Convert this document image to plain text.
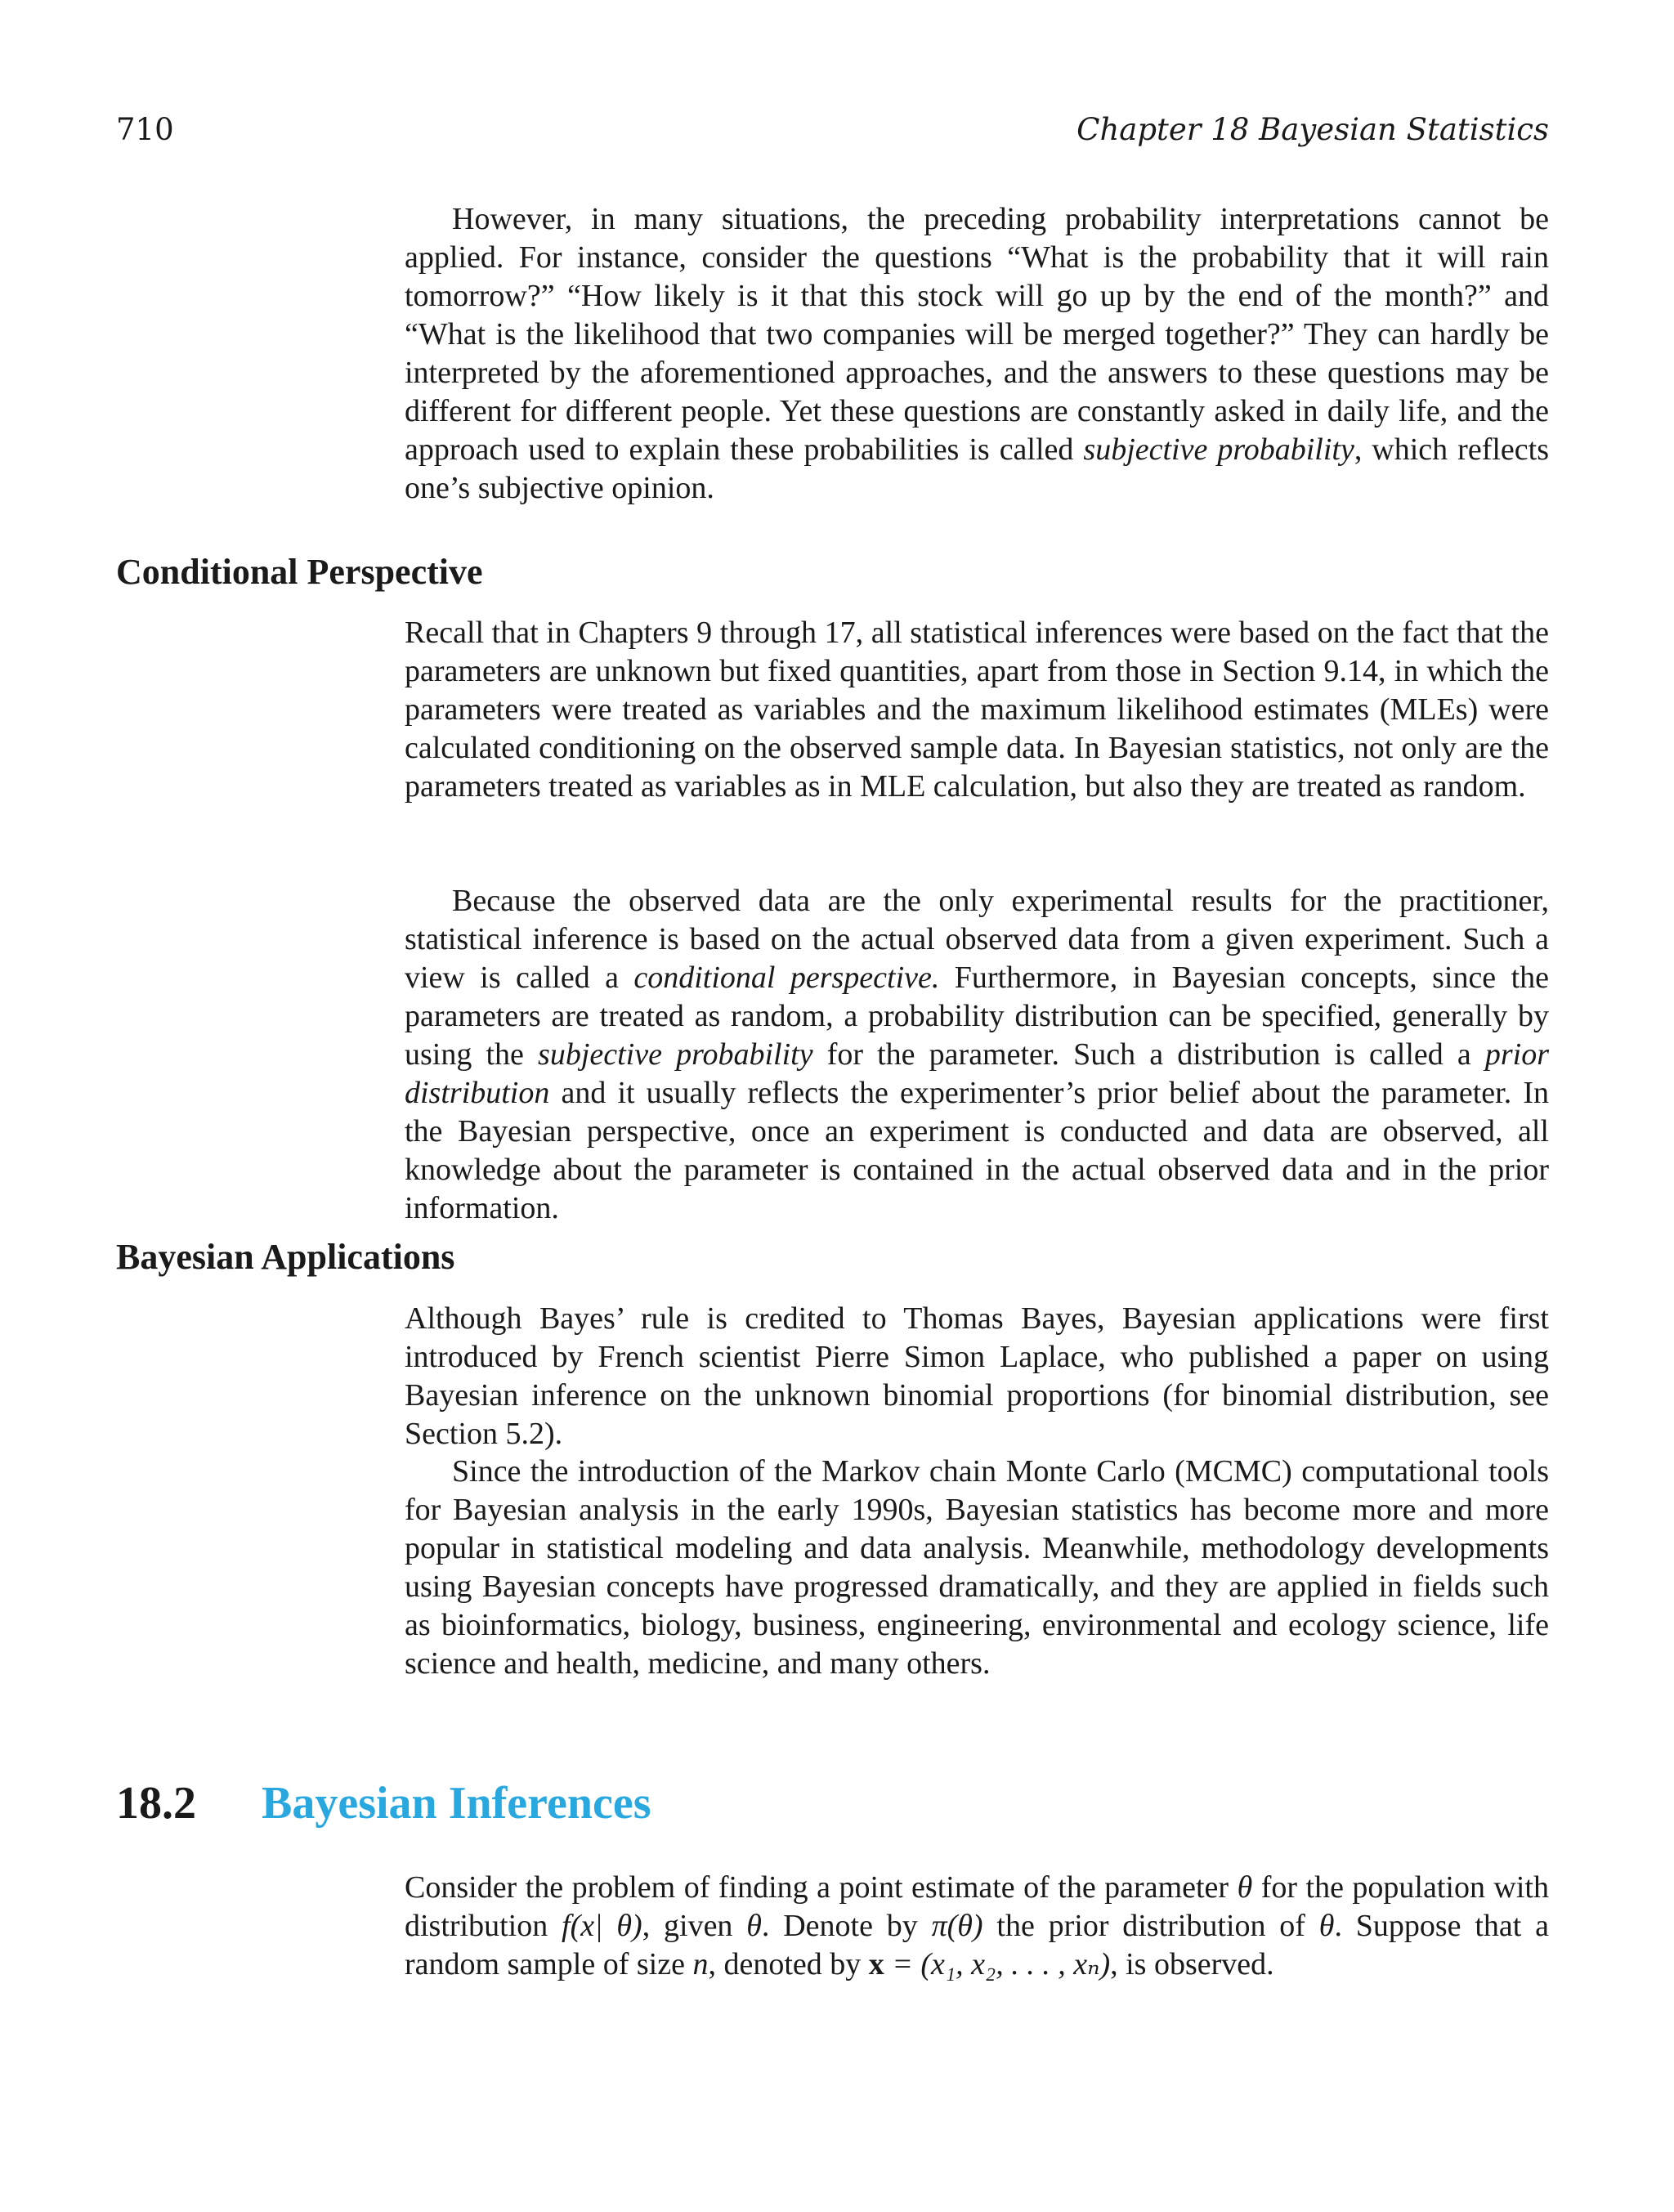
710	Chapter 18 Bayesian Statistics

However, in many situations, the preceding probability interpretations cannot be applied. For instance, consider the questions “What is the probability that it will rain tomorrow?” “How likely is it that this stock will go up by the end of the month?” and “What is the likelihood that two companies will be merged together?” They can hardly be interpreted by the aforementioned approaches, and the answers to these questions may be different for different people. Yet these questions are constantly asked in daily life, and the approach used to explain these probabilities is called subjective probability, which reflects one’s subjective opinion.

Conditional Perspective

Recall that in Chapters 9 through 17, all statistical inferences were based on the fact that the parameters are unknown but fixed quantities, apart from those in Section 9.14, in which the parameters were treated as variables and the maximum likelihood estimates (MLEs) were calculated conditioning on the observed sample data. In Bayesian statistics, not only are the parameters treated as variables as in MLE calculation, but also they are treated as random.

Because the observed data are the only experimental results for the practitioner, statistical inference is based on the actual observed data from a given experiment. Such a view is called a conditional perspective. Furthermore, in Bayesian concepts, since the parameters are treated as random, a probability distribution can be specified, generally by using the subjective probability for the parameter. Such a distribution is called a prior distribution and it usually reflects the experimenter’s prior belief about the parameter. In the Bayesian perspective, once an experiment is conducted and data are observed, all knowledge about the parameter is contained in the actual observed data and in the prior information.

Bayesian Applications

Although Bayes’ rule is credited to Thomas Bayes, Bayesian applications were first introduced by French scientist Pierre Simon Laplace, who published a paper on using Bayesian inference on the unknown binomial proportions (for binomial distribution, see Section 5.2).

Since the introduction of the Markov chain Monte Carlo (MCMC) computational tools for Bayesian analysis in the early 1990s, Bayesian statistics has become more and more popular in statistical modeling and data analysis. Meanwhile, methodology developments using Bayesian concepts have progressed dramatically, and they are applied in fields such as bioinformatics, biology, business, engineering, environmental and ecology science, life science and health, medicine, and many others.

18.2 Bayesian Inferences

Consider the problem of finding a point estimate of the parameter θ for the population with distribution f(x| θ), given θ. Denote by π(θ) the prior distribution of θ. Suppose that a random sample of size n, denoted by x = (x₁, x₂, . . . , xₙ), is observed.
